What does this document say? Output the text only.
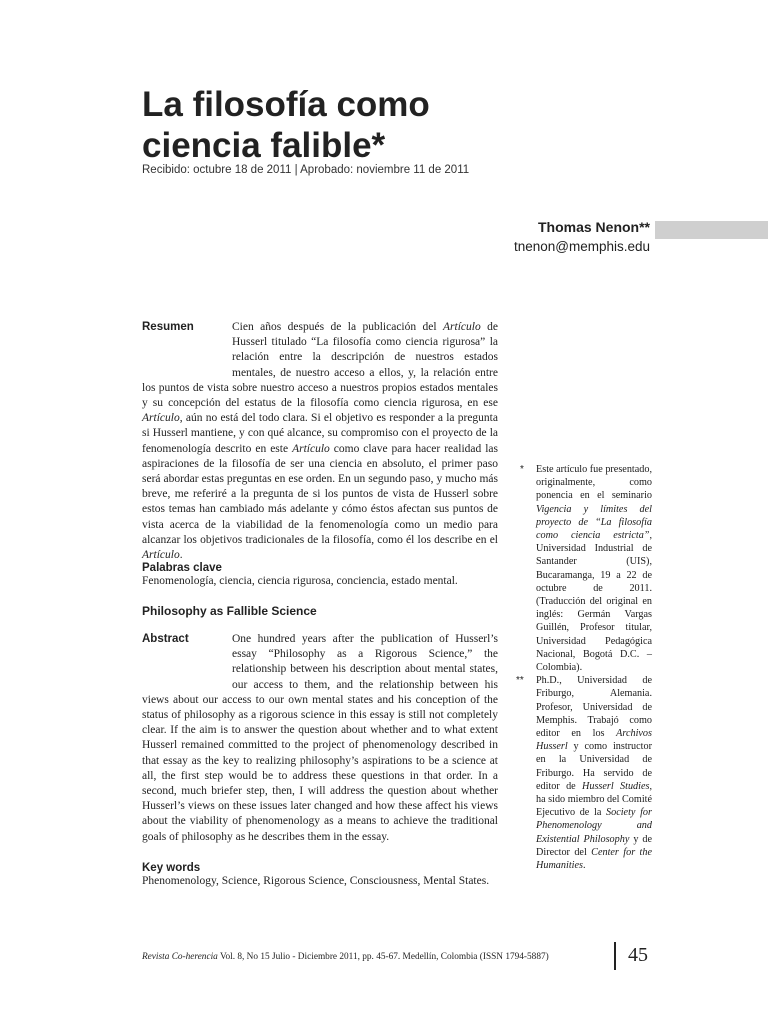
La filosofía como
ciencia falible*
Recibido: octubre 18 de 2011 | Aprobado: noviembre 11 de 2011
Thomas Nenon**
tnenon@memphis.edu
Resumen	Cien años después de la publicación del Artículo de Husserl titulado “La filosofía como ciencia rigurosa” la relación entre la descripción de nuestros estados mentales, de nuestro acceso a ellos, y, la relación entre los puntos de vista sobre nuestro acceso a nuestros propios estados mentales y su concepción del estatus de la filosofía como ciencia rigurosa, en ese Artículo, aún no está del todo clara. Si el objetivo es responder a la pregunta si Husserl mantiene, y con qué alcance, su compromiso con el proyecto de la fenomenología descrito en este Artículo como clave para hacer realidad las aspiraciones de la filosofía de ser una ciencia en absoluto, el primer paso será abordar estas preguntas en ese orden. En un segundo paso, y mucho más breve, me referiré a la pregunta de si los puntos de vista de Husserl sobre estos temas han cambiado más adelante y cómo éstos afectan sus puntos de vista acerca de la viabilidad de la fenomenología como un medio para alcanzar los objetivos tradicionales de la filosofía, como él los describe en el Artículo.
Palabras clave
Fenomenología, ciencia, ciencia rigurosa, conciencia, estado mental.
Philosophy as Fallible Science
Abstract	One hundred years after the publication of Husserl’s essay “Philosophy as a Rigorous Science,” the relationship between his description about mental states, our access to them, and the relationship between his views about our access to our own mental states and his conception of the status of philosophy as a rigorous science in this essay is still not completely clear. If the aim is to answer the question about whether and to what extent Husserl remained committed to the project of phenomenology described in that essay as the key to realizing philosophy’s aspirations to be a science at all, the first step would be to address these questions in that order. In a second, much briefer step, then, I will address the question about whether Husserl’s views on these issues later changed and how these affect his views about the viability of phenomenology as a means to achieve the traditional goals of philosophy as he describes them in the essay.
Key words
Phenomenology, Science, Rigorous Science, Consciousness, Mental States.
* Este artículo fue presentado, originalmente, como ponencia en el seminario Vigencia y límites del proyecto de “La filosofía como ciencia estricta”, Universidad Industrial de Santander (UIS), Bucaramanga, 19 a 22 de octubre de 2011. (Traducción del original en inglés: Germán Vargas Guillén, Profesor titular, Universidad Pedagógica Nacional, Bogotá D.C. – Colombia).
** Ph.D., Universidad de Friburgo, Alemania. Profesor, Universidad de Memphis. Trabajó como editor en los Archivos Husserl y como instructor en la Universidad de Friburgo. Ha servido de editor de Husserl Studies, ha sido miembro del Comité Ejecutivo de la Society for Phenomenology and Existential Philosophy y de Director del Center for the Humanities.
Revista Co-herencia Vol. 8, No 15 Julio - Diciembre 2011, pp. 45-67. Medellín, Colombia (ISSN 1794-5887)	45
